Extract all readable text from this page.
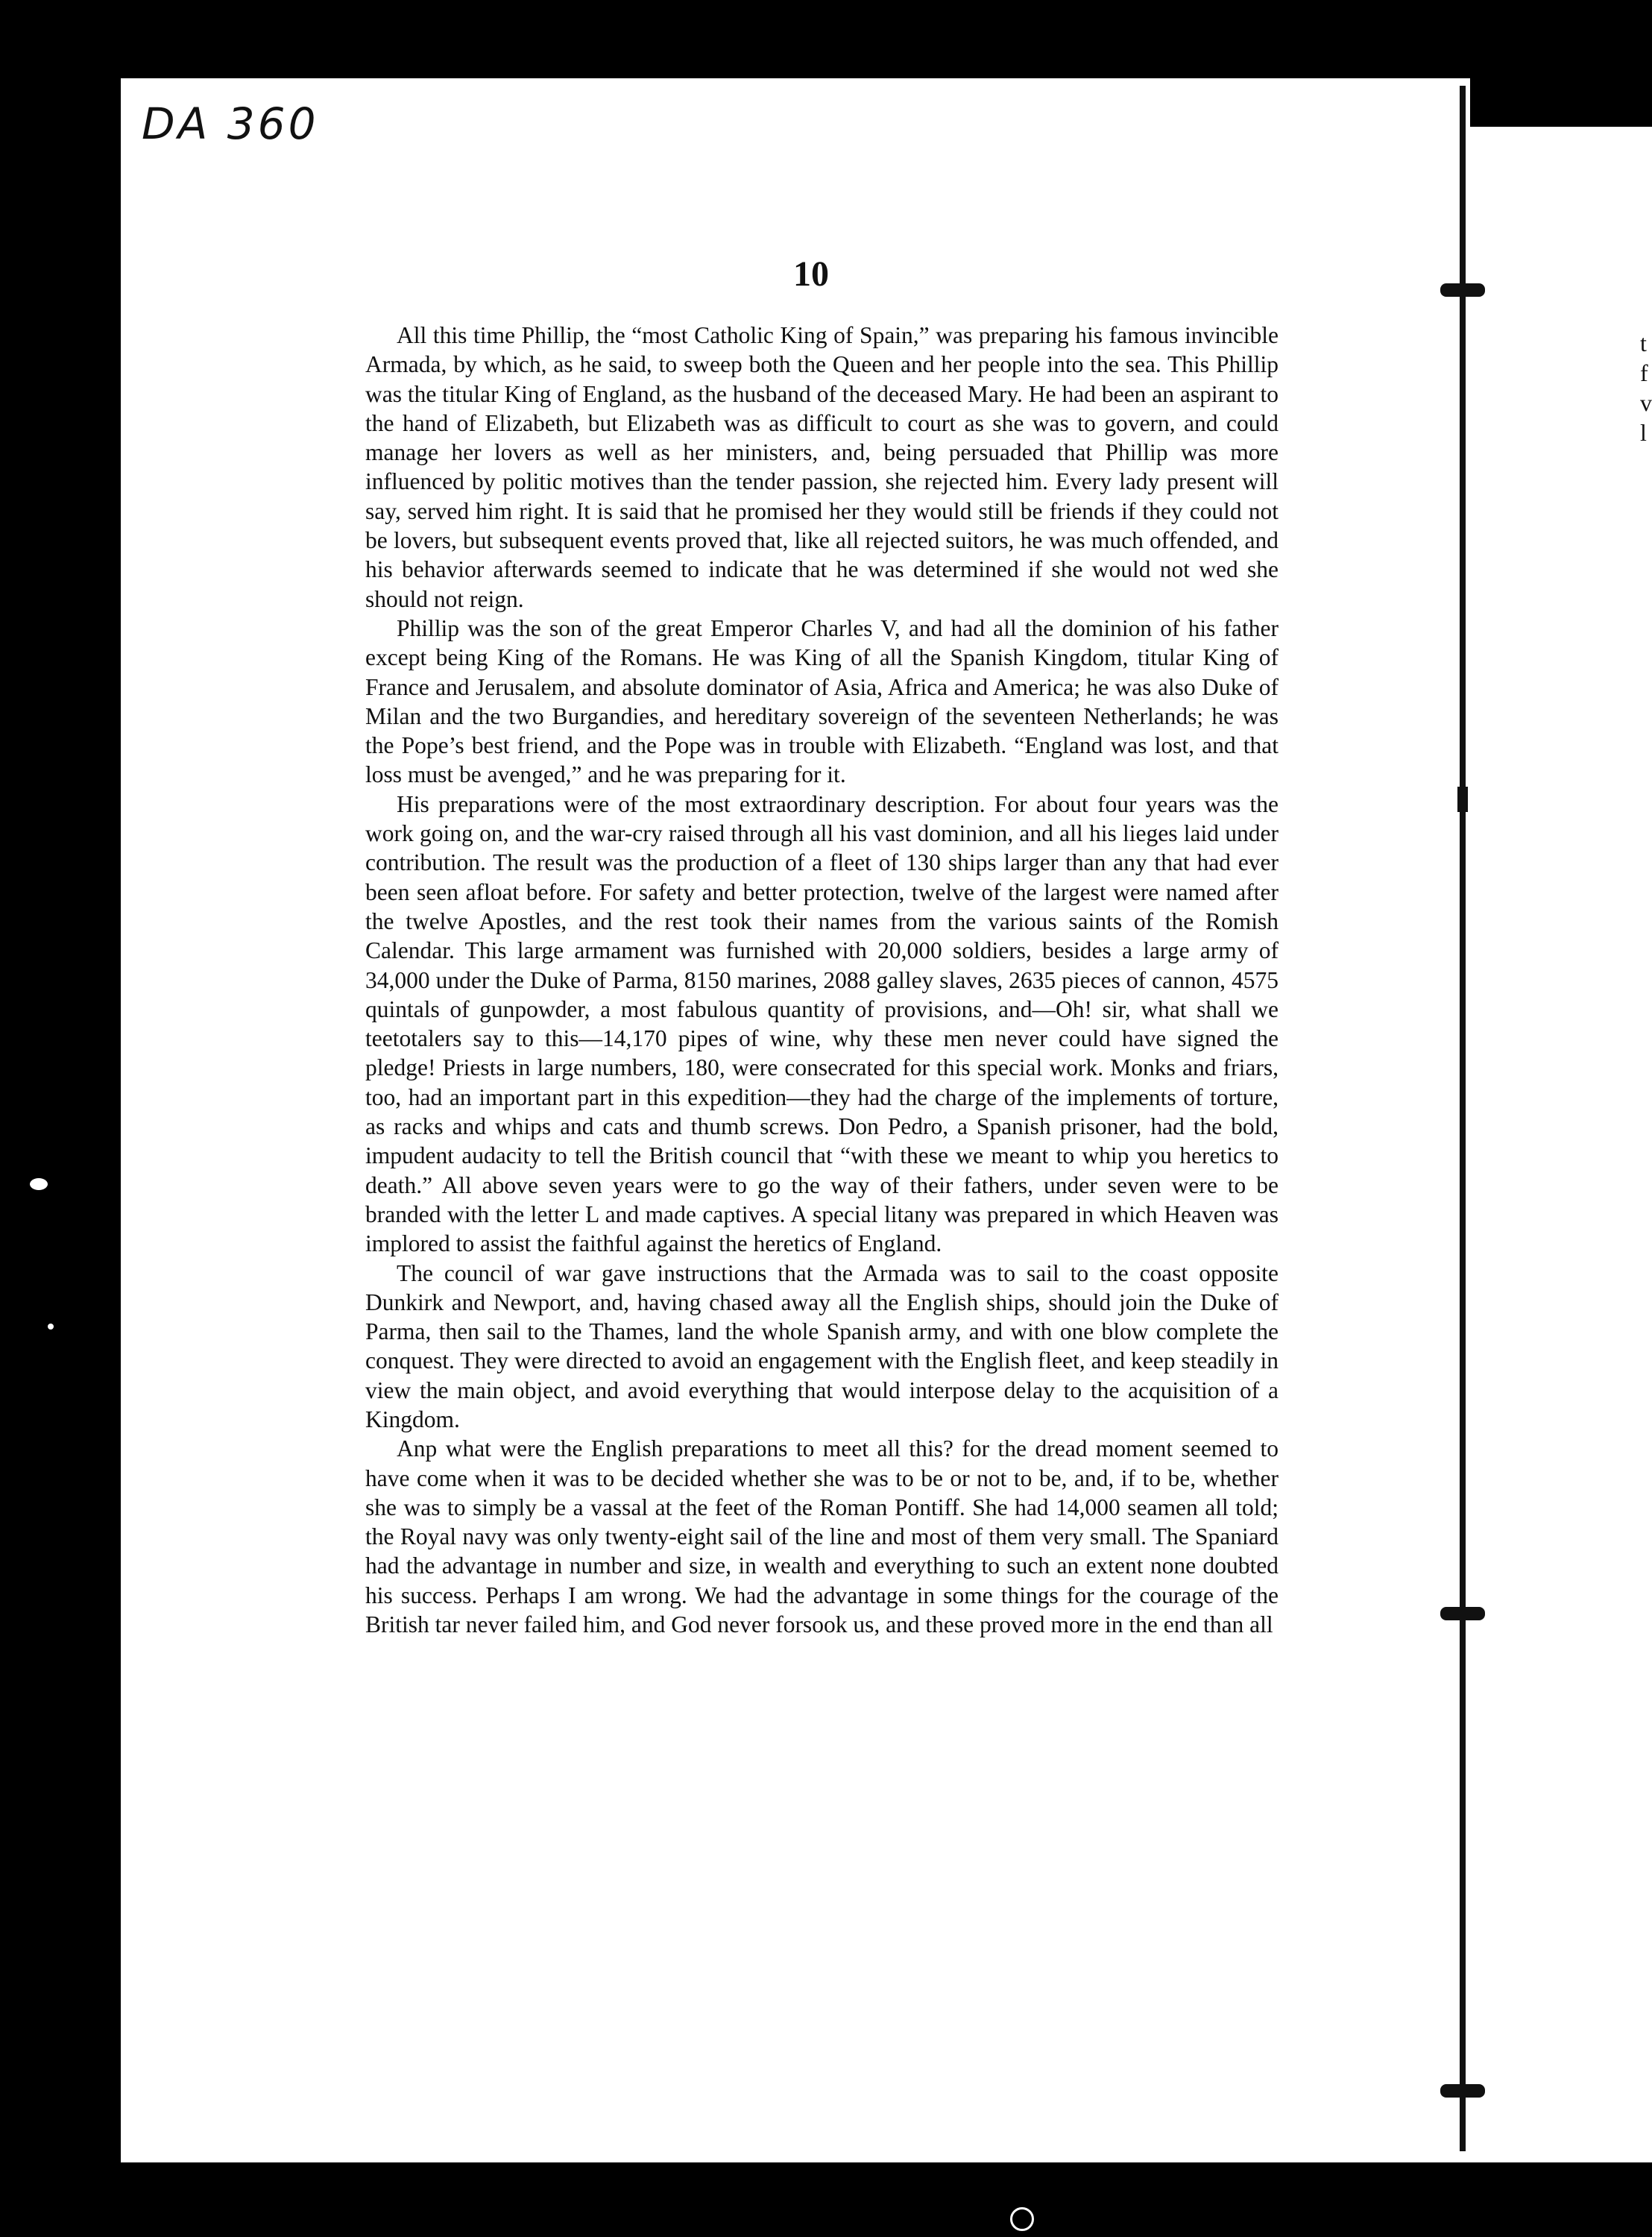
DA 360
10

All this time Phillip, the “most Catholic King of Spain,” was preparing his famous invincible Armada, by which, as he said, to sweep both the Queen and her people into the sea. This Phillip was the titular King of England, as the husband of the deceased Mary. He had been an aspirant to the hand of Elizabeth, but Elizabeth was as difficult to court as she was to govern, and could manage her lovers as well as her ministers, and, being persuaded that Phillip was more influenced by politic motives than the tender passion, she rejected him. Every lady present will say, served him right. It is said that he promised her they would still be friends if they could not be lovers, but subsequent events proved that, like all rejected suitors, he was much offended, and his behavior afterwards seemed to indicate that he was determined if she would not wed she should not reign.

Phillip was the son of the great Emperor Charles V, and had all the dominion of his father except being King of the Romans. He was King of all the Spanish Kingdom, titular King of France and Jerusalem, and absolute dominator of Asia, Africa and America; he was also Duke of Milan and the two Burgandies, and hereditary sovereign of the seventeen Netherlands; he was the Pope’s best friend, and the Pope was in trouble with Elizabeth. “England was lost, and that loss must be avenged,” and he was preparing for it.

His preparations were of the most extraordinary description. For about four years was the work going on, and the war-cry raised through all his vast dominion, and all his lieges laid under contribution. The result was the production of a fleet of 130 ships larger than any that had ever been seen afloat before. For safety and better protection, twelve of the largest were named after the twelve Apostles, and the rest took their names from the various saints of the Romish Calendar. This large armament was furnished with 20,000 soldiers, besides a large army of 34,000 under the Duke of Parma, 8150 marines, 2088 galley slaves, 2635 pieces of cannon, 4575 quintals of gunpowder, a most fabulous quantity of provisions, and—Oh! sir, what shall we teetotalers say to this—14,170 pipes of wine, why these men never could have signed the pledge! Priests in large numbers, 180, were consecrated for this special work. Monks and friars, too, had an important part in this expedition—they had the charge of the implements of torture, as racks and whips and cats and thumb screws. Don Pedro, a Spanish prisoner, had the bold, impudent audacity to tell the British council that “with these we meant to whip you heretics to death.” All above seven years were to go the way of their fathers, under seven were to be branded with the letter L and made captives. A special litany was prepared in which Heaven was implored to assist the faithful against the heretics of England.

The council of war gave instructions that the Armada was to sail to the coast opposite Dunkirk and Newport, and, having chased away all the English ships, should join the Duke of Parma, then sail to the Thames, land the whole Spanish army, and with one blow complete the conquest. They were directed to avoid an engagement with the English fleet, and keep steadily in view the main object, and avoid everything that would interpose delay to the acquisition of a Kingdom.

Anp what were the English preparations to meet all this? for the dread moment seemed to have come when it was to be decided whether she was to be or not to be, and, if to be, whether she was to simply be a vassal at the feet of the Roman Pontiff. She had 14,000 seamen all told; the Royal navy was only twenty-eight sail of the line and most of them very small. The Spaniard had the advantage in number and size, in wealth and everything to such an extent none doubted his success. Perhaps I am wrong. We had the advantage in some things for the courage of the British tar never failed him, and God never forsook us, and these proved more in the end than all

t
f
v
l
